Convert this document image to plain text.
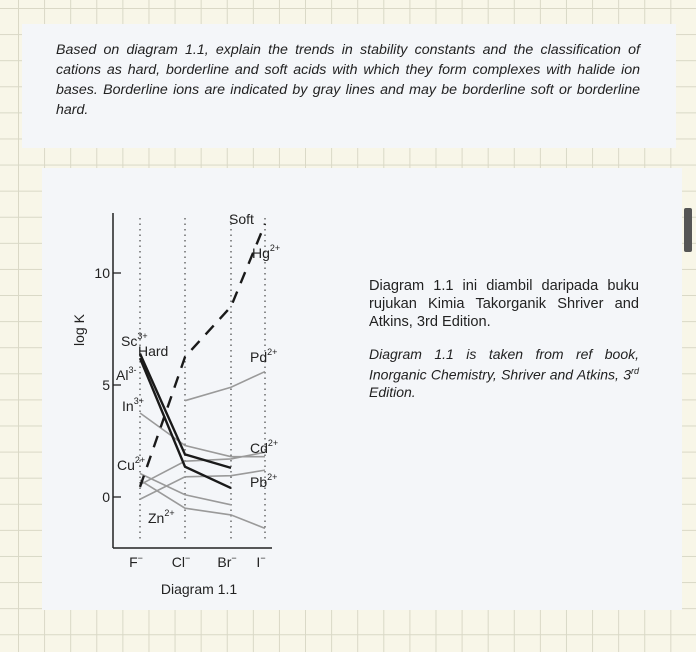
Based on diagram 1.1, explain the trends in stability constants and the classification of cations as hard, borderline and soft acids with which they form complexes with halide ion bases. Borderline ions are indicated by gray lines and may be borderline soft or borderline hard.
Diagram 1.1 ini diambil daripada buku rujukan Kimia Takorganik Shriver and Atkins, 3rd Edition.
Diagram 1.1 is taken from ref book, Inorganic Chemistry, Shriver and Atkins, 3rd Edition.
10
5
0
log K
Diagram 1.1
Hard
Soft
$Sc^{3+}$
$Al^{3-}$
$In^{3+}$
$Cu^{2+}$
$Zn^{2+}$
$Hg^{2+}$
$Pd^{2+}$
$Cd^{2+}$
$Pb^{2+}$
F− Cl− Br− I−
